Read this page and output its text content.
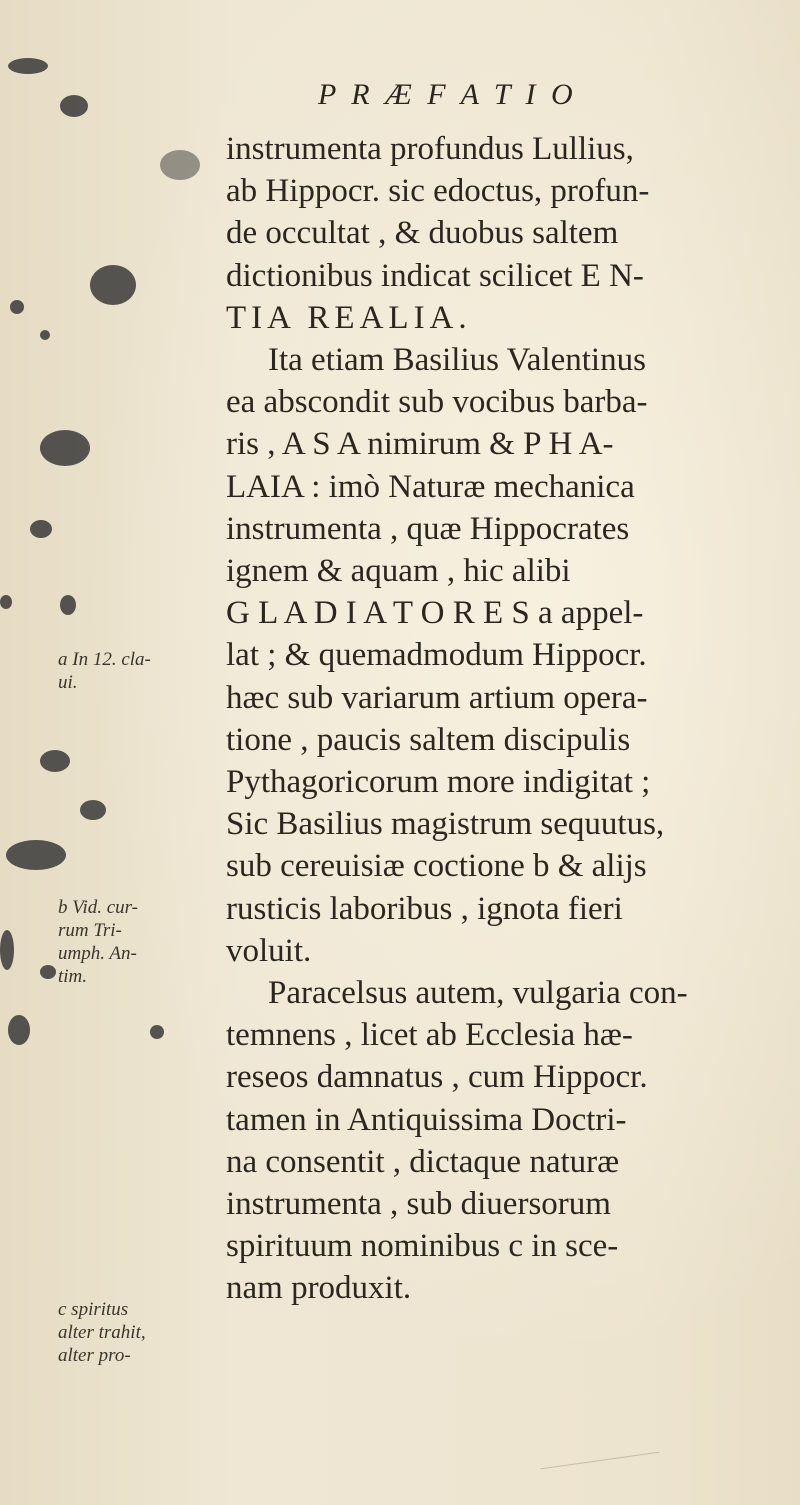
P R Æ F A T I O
instrumenta profundus Lullius,
ab Hippocr. sic edoctus, profun-
de occultat , & duobus saltem
dictionibus indicat scilicet E N-
TIA REALIA.
Ita etiam Basilius Valentinus
ea abscondit sub vocibus barba-
ris , A S A nimirum & P H A-
LAIA : imò Naturæ mechanica
instrumenta , quæ Hippocrates
ignem & aquam , hic alibi
G L A D I A T O R E S a appel-
lat ; & quemadmodum Hippocr.
hæc sub variarum artium opera-
tione , paucis saltem discipulis
Pythagoricorum more indigitat ;
Sic Basilius magistrum sequutus,
sub cereuisiæ coctione b & alijs
rusticis laboribus , ignota fieri
voluit.
Paracelsus autem, vulgaria con-
temnens , licet ab Ecclesia hæ-
reseos damnatus , cum Hippocr.
tamen in Antiquissima Doctri-
na consentit , dictaque naturæ
instrumenta , sub diuersorum
spirituum nominibus c in sce-
nam produxit.
a In 12. cla-
ui.
b Vid. cur-
rum Tri-
umph. An-
tim.
c spiritus
alter trahit,
alter pro-
